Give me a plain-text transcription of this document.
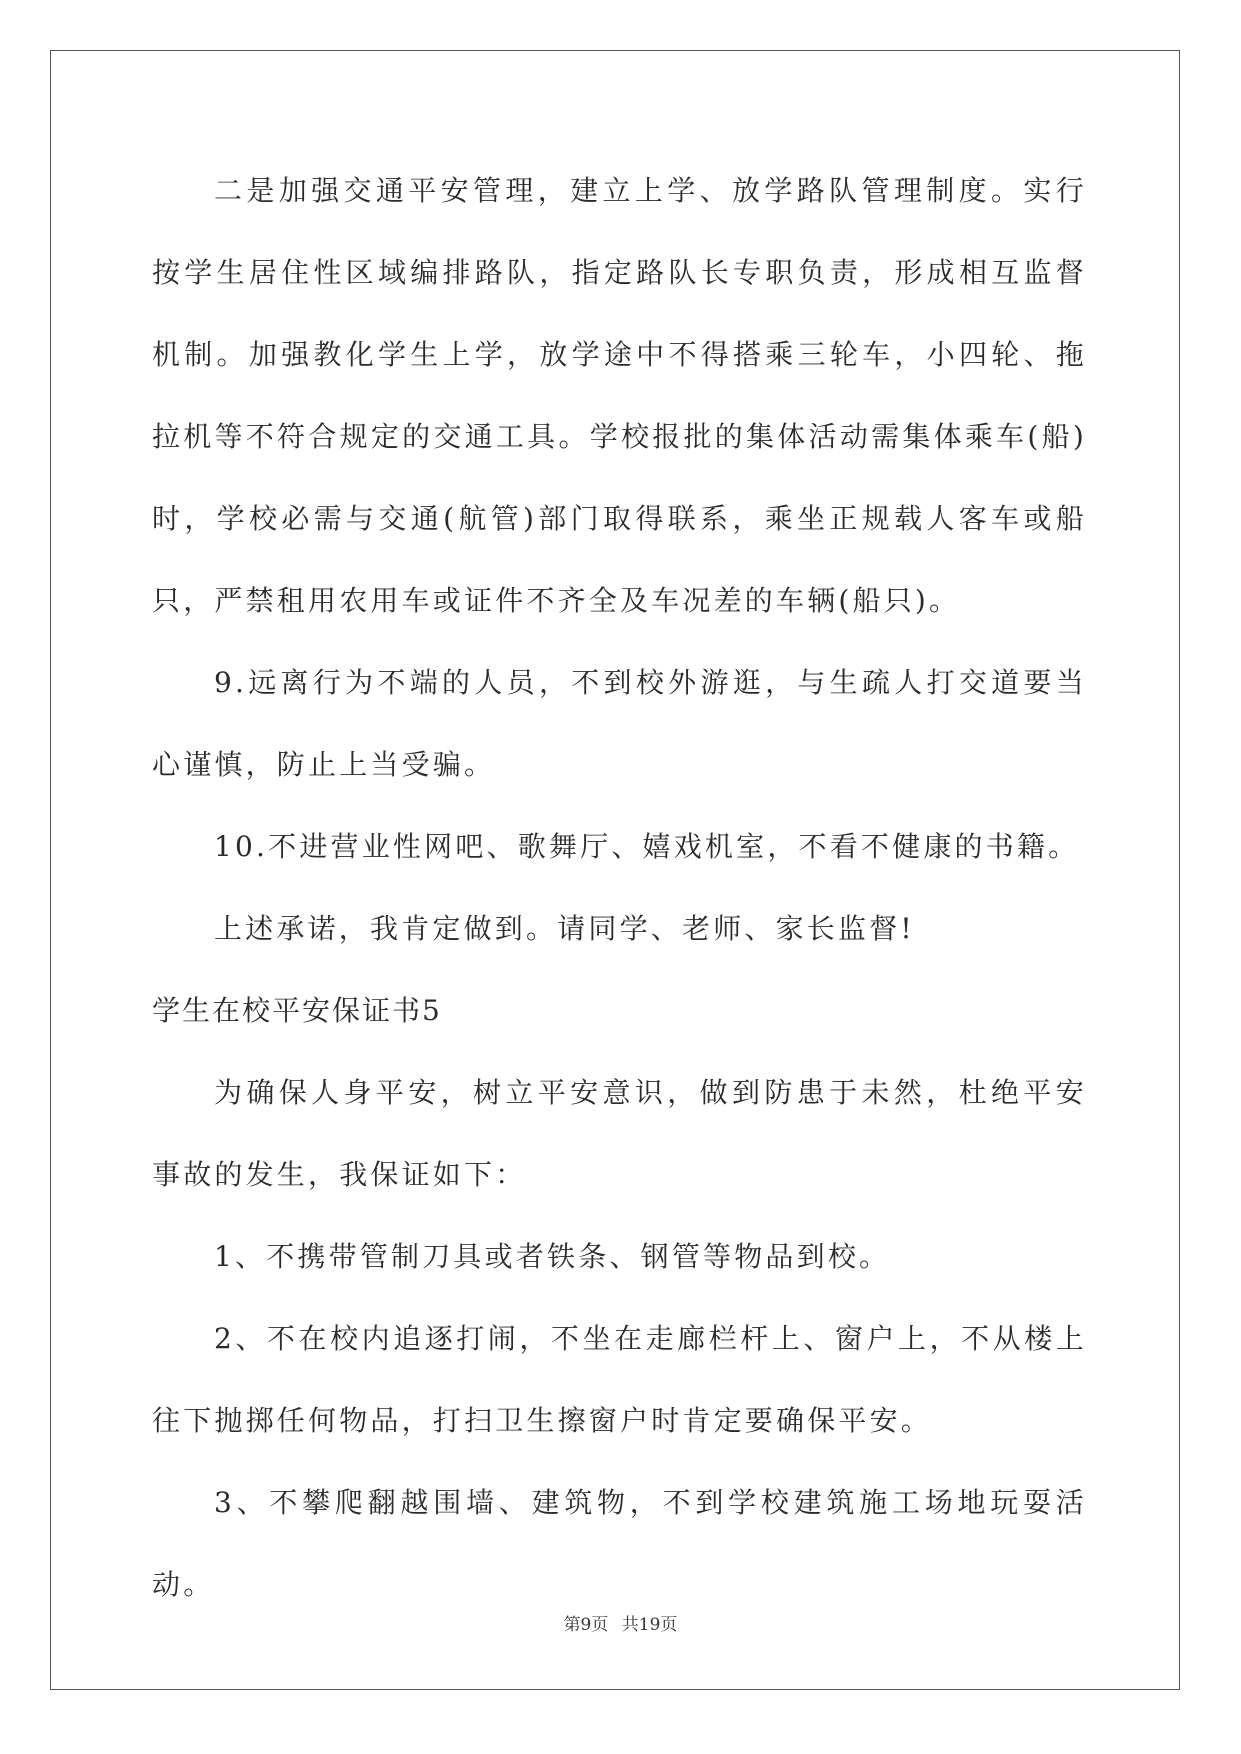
二是加强交通平安管理，建立上学、放学路队管理制度。实行按学生居住性区域编排路队，指定路队长专职负责，形成相互监督机制。加强教化学生上学，放学途中不得搭乘三轮车，小四轮、拖拉机等不符合规定的交通工具。学校报批的集体活动需集体乘车(船)时，学校必需与交通(航管)部门取得联系，乘坐正规载人客车或船只，严禁租用农用车或证件不齐全及车况差的车辆(船只)。

9.远离行为不端的人员，不到校外游逛，与生疏人打交道要当心谨慎，防止上当受骗。

10.不进营业性网吧、歌舞厅、嬉戏机室，不看不健康的书籍。

上述承诺，我肯定做到。请同学、老师、家长监督!

学生在校平安保证书5

为确保人身平安，树立平安意识，做到防患于未然，杜绝平安事故的发生，我保证如下：

1、不携带管制刀具或者铁条、钢管等物品到校。

2、不在校内追逐打闹，不坐在走廊栏杆上、窗户上，不从楼上往下抛掷任何物品，打扫卫生擦窗户时肯定要确保平安。

3、不攀爬翻越围墙、建筑物，不到学校建筑施工场地玩耍活动。

第9页 共19页
